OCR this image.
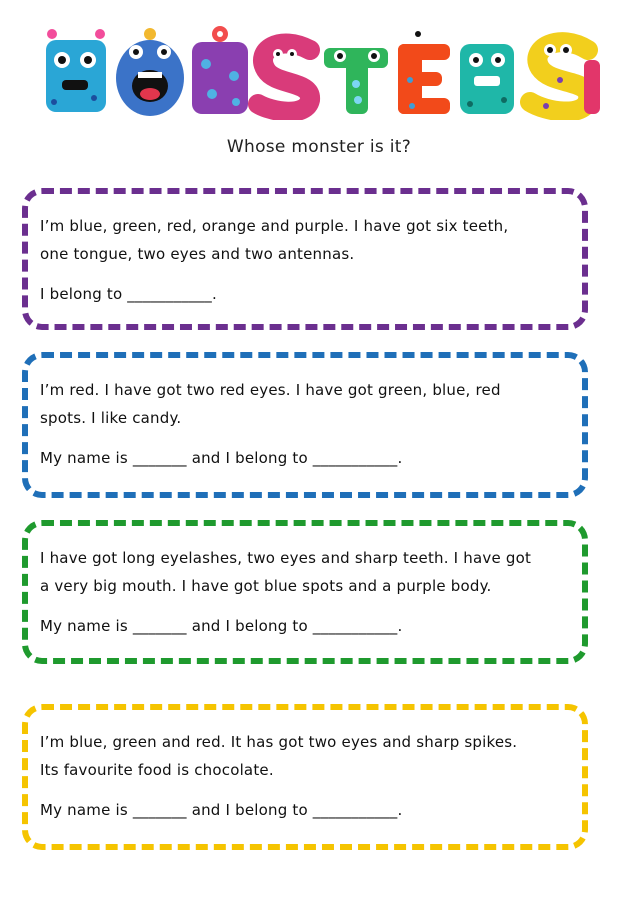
Whose monster is it?

I’m blue, green, red, orange and purple. I have got six teeth,

one tongue, two eyes and two antennas.

I belong to ___________.

I’m red. I have got two red eyes. I have got green, blue, red

spots. I like candy.

My name is _______ and I belong to ___________.

I have got long eyelashes, two eyes and sharp teeth. I have got

a very big mouth. I have got blue spots and a purple body.

My name is _______ and I belong to ___________.

I’m blue, green and red. It has got two eyes and sharp spikes.

Its favourite food is chocolate.

My name is _______ and I belong to ___________.
